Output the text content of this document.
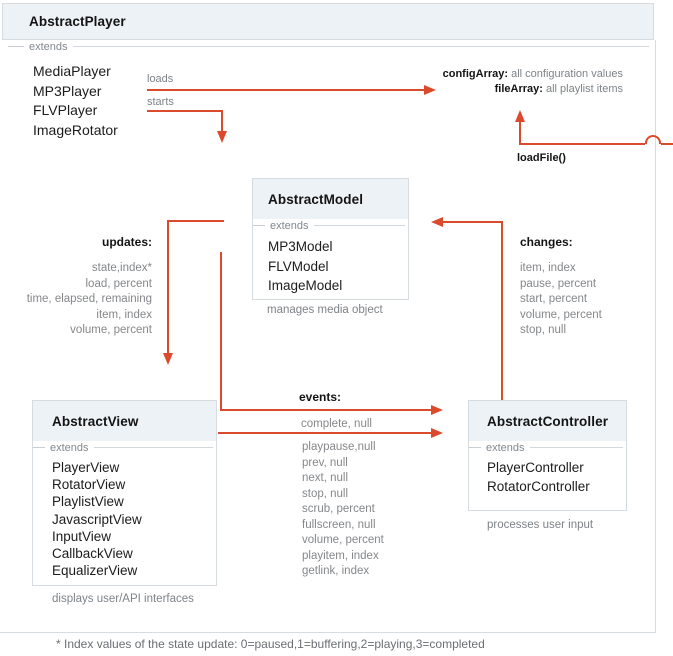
AbstractPlayer
extends
MediaPlayer
MP3Player
FLVPlayer
ImageRotator
loads
starts
configArray: all configuration values
fileArray: all playlist items
loadFile()
AbstractModel
extends
MP3Model
FLVModel
ImageModel
manages media object
updates:
state,index*
load, percent
time, elapsed, remaining
item, index
volume, percent
changes:
item, index
pause, percent
start, percent
volume, percent
stop, null
events:
complete, null
playpause,null
prev, null
next, null
stop, null
scrub, percent
fullscreen, null
volume, percent
playitem, index
getlink, index
AbstractView
extends
PlayerView
RotatorView
PlaylistView
JavascriptView
InputView
CallbackView
EqualizerView
displays user/API interfaces
AbstractController
extends
PlayerController
RotatorController
processes user input
* Index values of the state update: 0=paused,1=buffering,2=playing,3=completed
